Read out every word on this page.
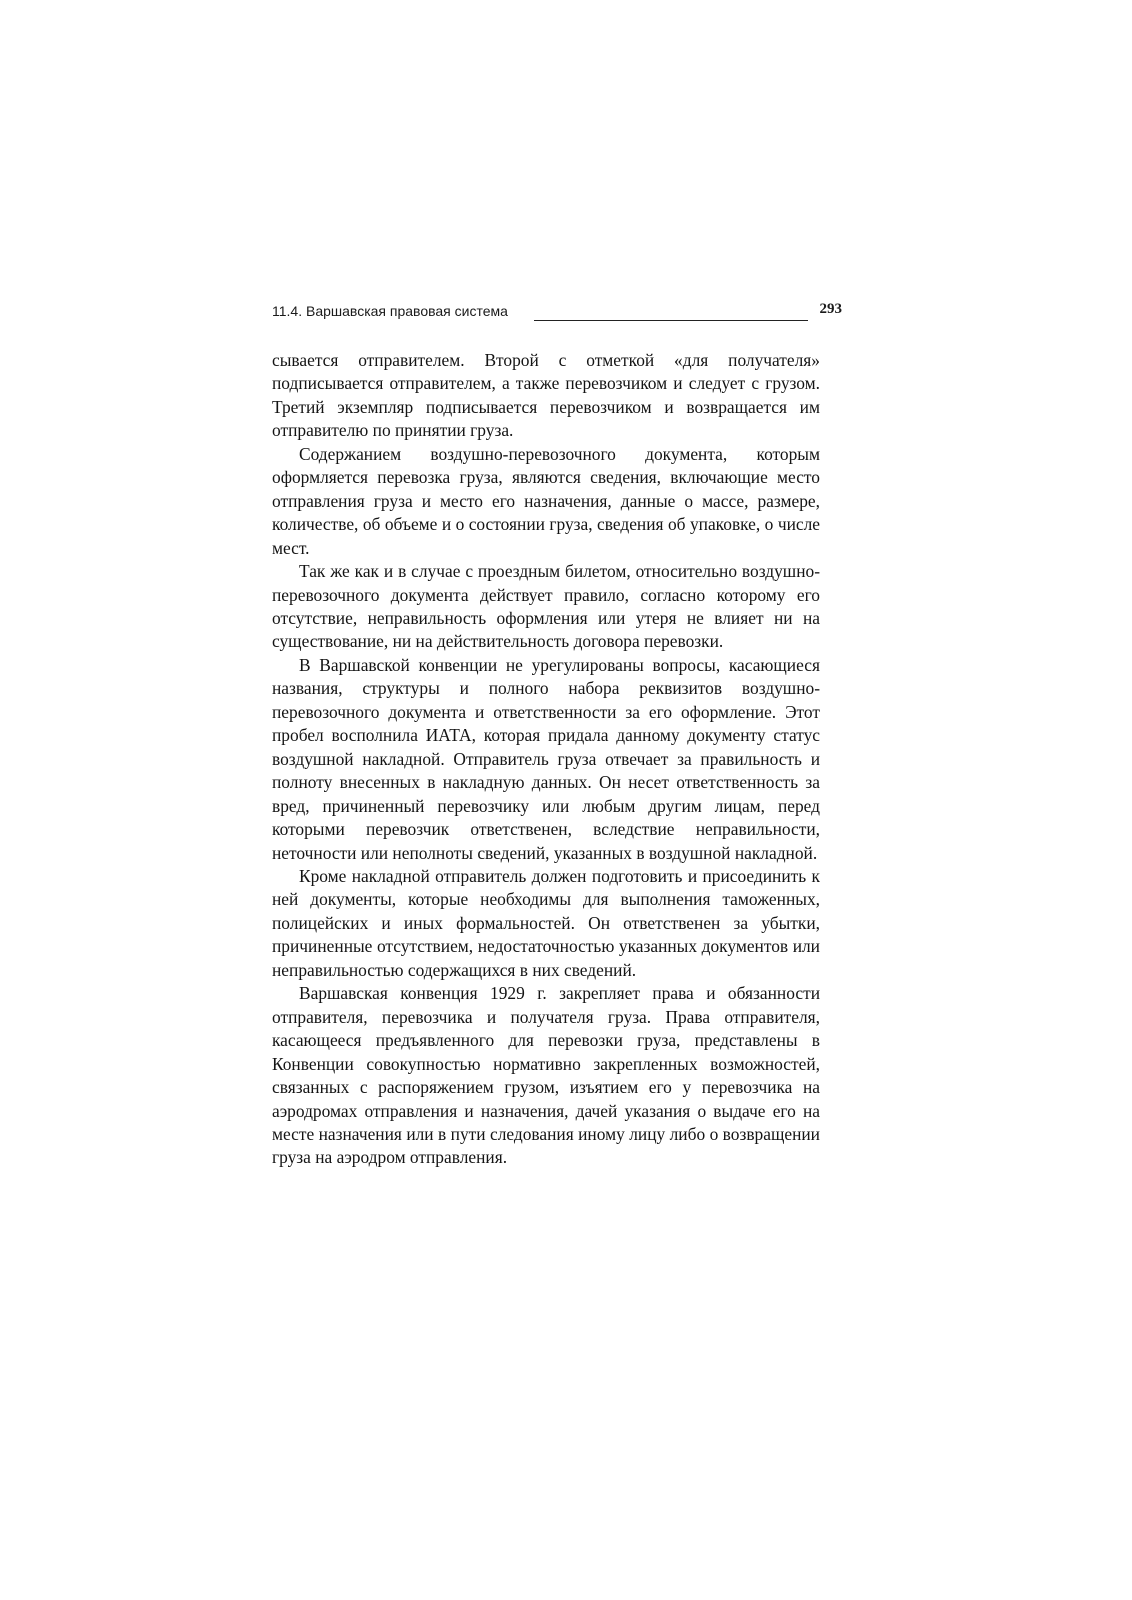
11.4. Варшавская правовая система	293

сывается отправителем. Второй с отметкой «для получателя» подписывается отправителем, а также перевозчиком и следует с грузом. Третий экземпляр подписывается перевозчиком и возвращается им отправителю по принятии груза.

Содержанием воздушно-перевозочного документа, которым оформляется перевозка груза, являются сведения, включающие место отправления груза и место его назначения, данные о массе, размере, количестве, об объеме и о состоянии груза, сведения об упаковке, о числе мест.

Так же как и в случае с проездным билетом, относительно воздушно-перевозочного документа действует правило, согласно которому его отсутствие, неправильность оформления или утеря не влияет ни на существование, ни на действительность договора перевозки.

В Варшавской конвенции не урегулированы вопросы, касающиеся названия, структуры и полного набора реквизитов воздушно-перевозочного документа и ответственности за его оформление. Этот пробел восполнила ИАТА, которая придала данному документу статус воздушной накладной. Отправитель груза отвечает за правильность и полноту внесенных в накладную данных. Он несет ответственность за вред, причиненный перевозчику или любым другим лицам, перед которыми перевозчик ответственен, вследствие неправильности, неточности или неполноты сведений, указанных в воздушной накладной.

Кроме накладной отправитель должен подготовить и присоединить к ней документы, которые необходимы для выполнения таможенных, полицейских и иных формальностей. Он ответственен за убытки, причиненные отсутствием, недостаточностью указанных документов или неправильностью содержащихся в них сведений.

Варшавская конвенция 1929 г. закрепляет права и обязанности отправителя, перевозчика и получателя груза. Права отправителя, касающееся предъявленного для перевозки груза, представлены в Конвенции совокупностью нормативно закрепленных возможностей, связанных с распоряжением грузом, изъятием его у перевозчика на аэродромах отправления и назначения, дачей указания о выдаче его на месте назначения или в пути следования иному лицу либо о возвращении груза на аэродром отправления.
